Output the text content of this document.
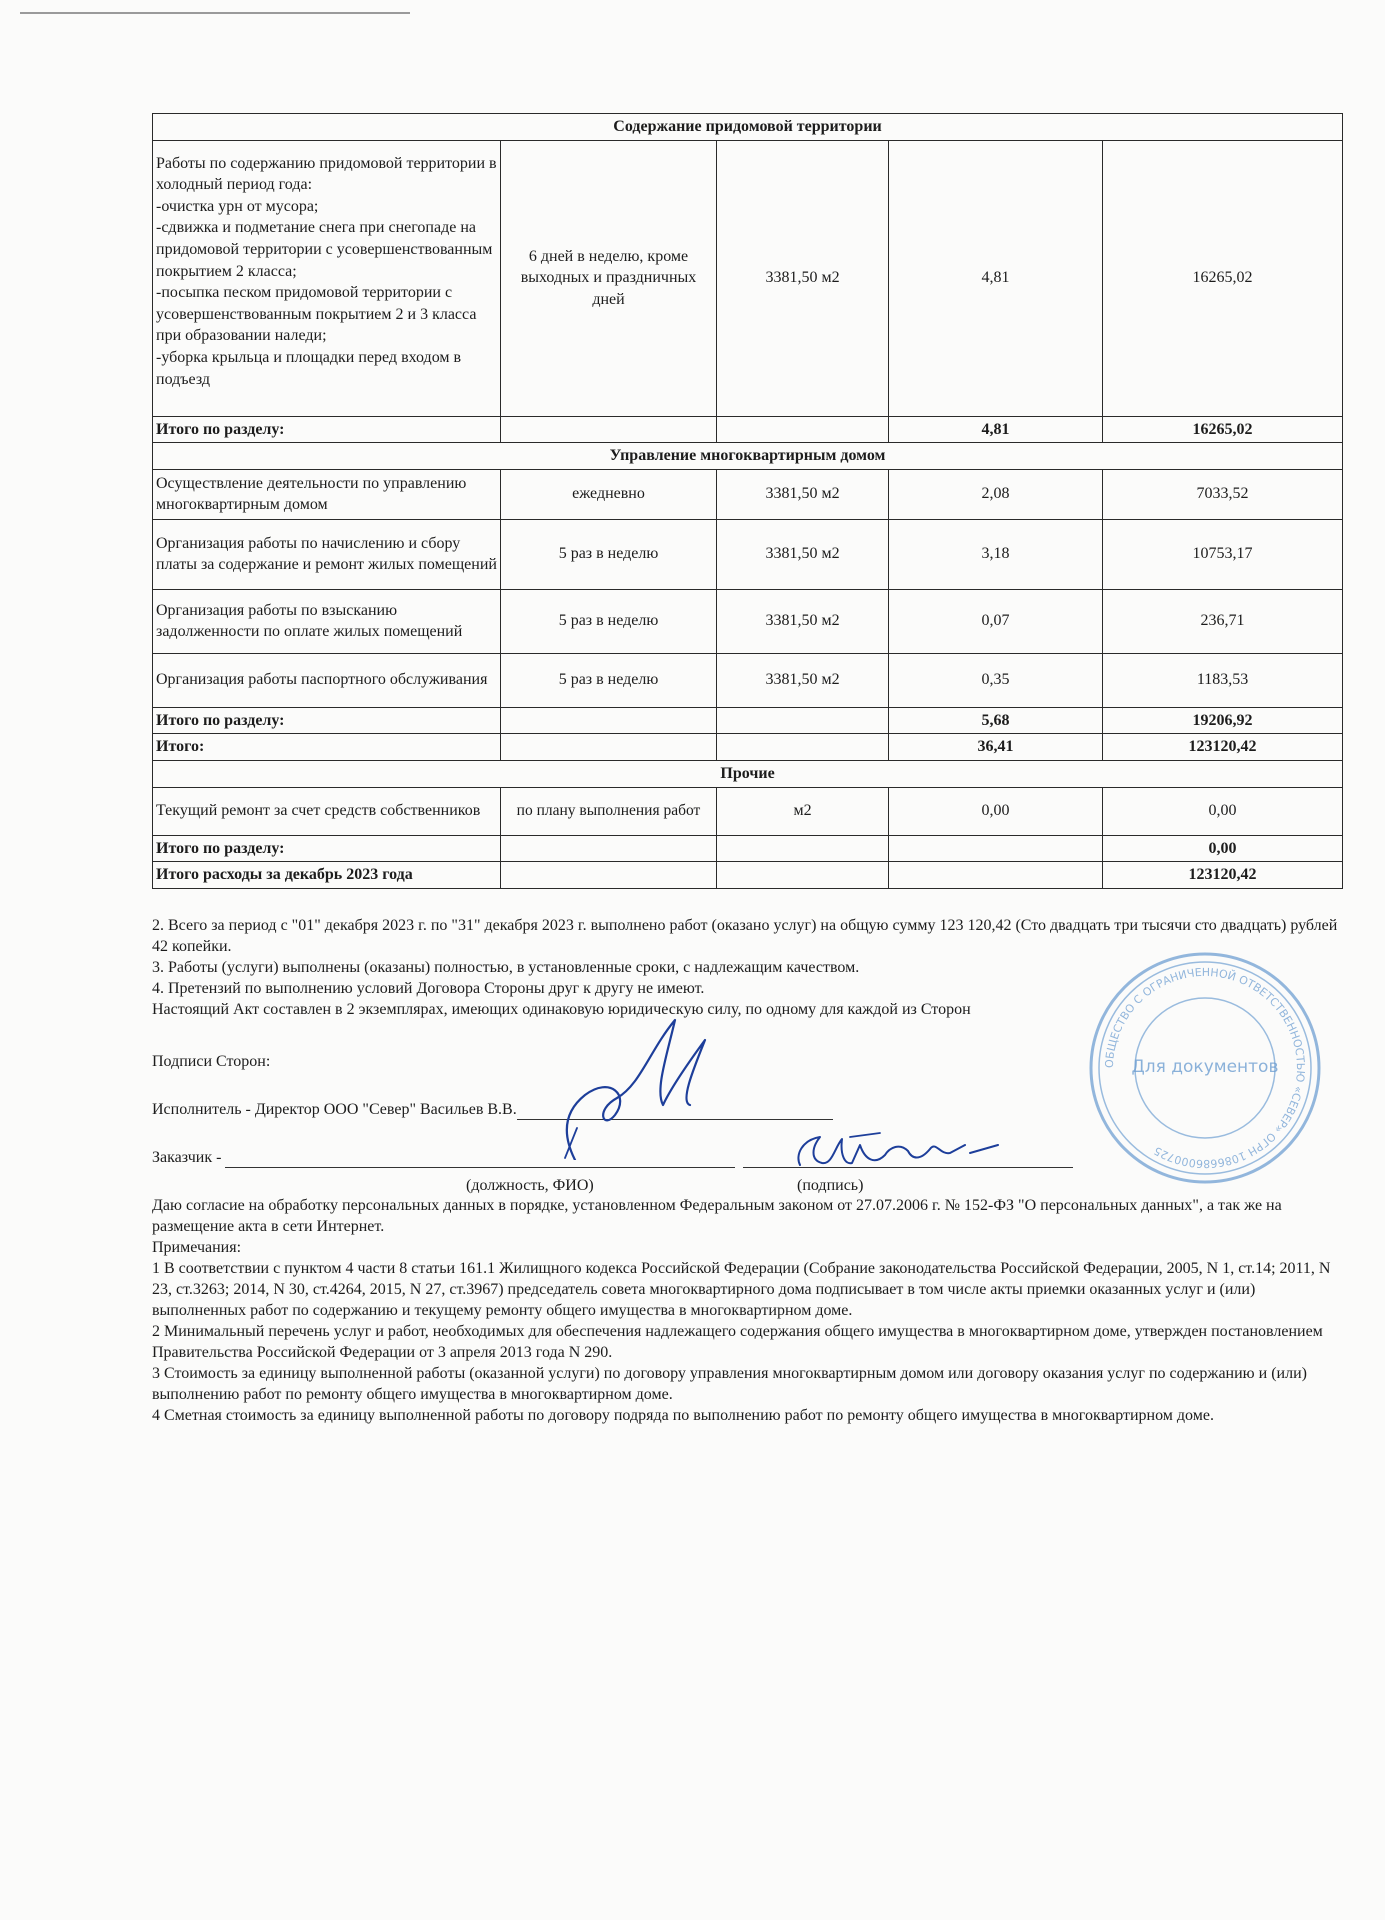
Содержание придомовой территории				
Работы по содержанию придомовой территории в холодный период года:
-очистка урн от мусора;
-сдвижка и подметание снега при снегопаде на придомовой территории с усовершенствованным покрытием 2 класса;
-посыпка песком придомовой территории с усовершенствованным покрытием 2 и 3 класса при образовании наледи;
-уборка крыльца и площадки перед входом в подъезд	6 дней в неделю, кроме выходных и праздничных дней	3381,50 м2	4,81	16265,02
Итого по разделу:			4,81	16265,02
Управление многоквартирным домом				
Осуществление деятельности по управлению многоквартирным домом	ежедневно	3381,50 м2	2,08	7033,52
Организация работы по начислению и сбору платы за содержание и ремонт жилых помещений	5 раз в неделю	3381,50 м2	3,18	10753,17
Организация работы по взысканию задолженности по оплате жилых помещений	5 раз в неделю	3381,50 м2	0,07	236,71
Организация работы паспортного обслуживания	5 раз в неделю	3381,50 м2	0,35	1183,53
Итого по разделу:			5,68	19206,92
Итого:			36,41	123120,42
Прочие				
Текущий ремонт за счет средств собственников	по плану выполнения работ	м2	0,00	0,00
Итого по разделу:				0,00
Итого расходы за декабрь 2023 года				123120,42

2. Всего за период с "01" декабря 2023 г. по "31" декабря 2023 г. выполнено работ (оказано услуг) на общую сумму 123 120,42 (Сто двадцать три тысячи сто двадцать) рублей 42 копейки.

3. Работы (услуги) выполнены (оказаны) полностью, в установленные сроки, с надлежащим качеством.

4. Претензий по выполнению условий Договора Стороны друг к другу не имеют.

Настоящий Акт составлен в 2 экземплярах, имеющих одинаковую юридическую силу, по одному для каждой из Сторон

Подписи Сторон:
Исполнитель - Директор ООО "Север" Васильев В.В.
Заказчик -
(должность, ФИО)	(подпись)

Даю согласие на обработку персональных данных в порядке, установленном Федеральным законом от 27.07.2006 г. № 152-ФЗ "О персональных данных", а так же на размещение акта в сети Интернет.

Примечания:

1 В соответствии с пунктом 4 части 8 статьи 161.1 Жилищного кодекса Российской Федерации (Собрание законодательства Российской Федерации, 2005, N 1, ст.14; 2011, N 23, ст.3263; 2014, N 30, ст.4264, 2015, N 27, ст.3967) председатель совета многоквартирного дома подписывает в том числе акты приемки оказанных услуг и (или) выполненных работ по содержанию и текущему ремонту общего имущества в многоквартирном доме.

2 Минимальный перечень услуг и работ, необходимых для обеспечения надлежащего содержания общего имущества в многоквартирном доме, утвержден постановлением Правительства Российской Федерации от 3 апреля 2013 года N 290.

3 Стоимость за единицу выполненной работы (оказанной услуги) по договору управления многоквартирным домом или договору оказания услуг по содержанию и (или) выполнению работ по ремонту общего имущества в многоквартирном доме.

4 Сметная стоимость за единицу выполненной работы по договору подряда по выполнению работ по ремонту общего имущества в многоквартирном доме.

ОБЩЕСТВО С ОГРАНИЧЕННОЙ ОТВЕТСТВЕННОСТЬЮ «СЕВЕР» ОГРН 1086686000725
Для документов
